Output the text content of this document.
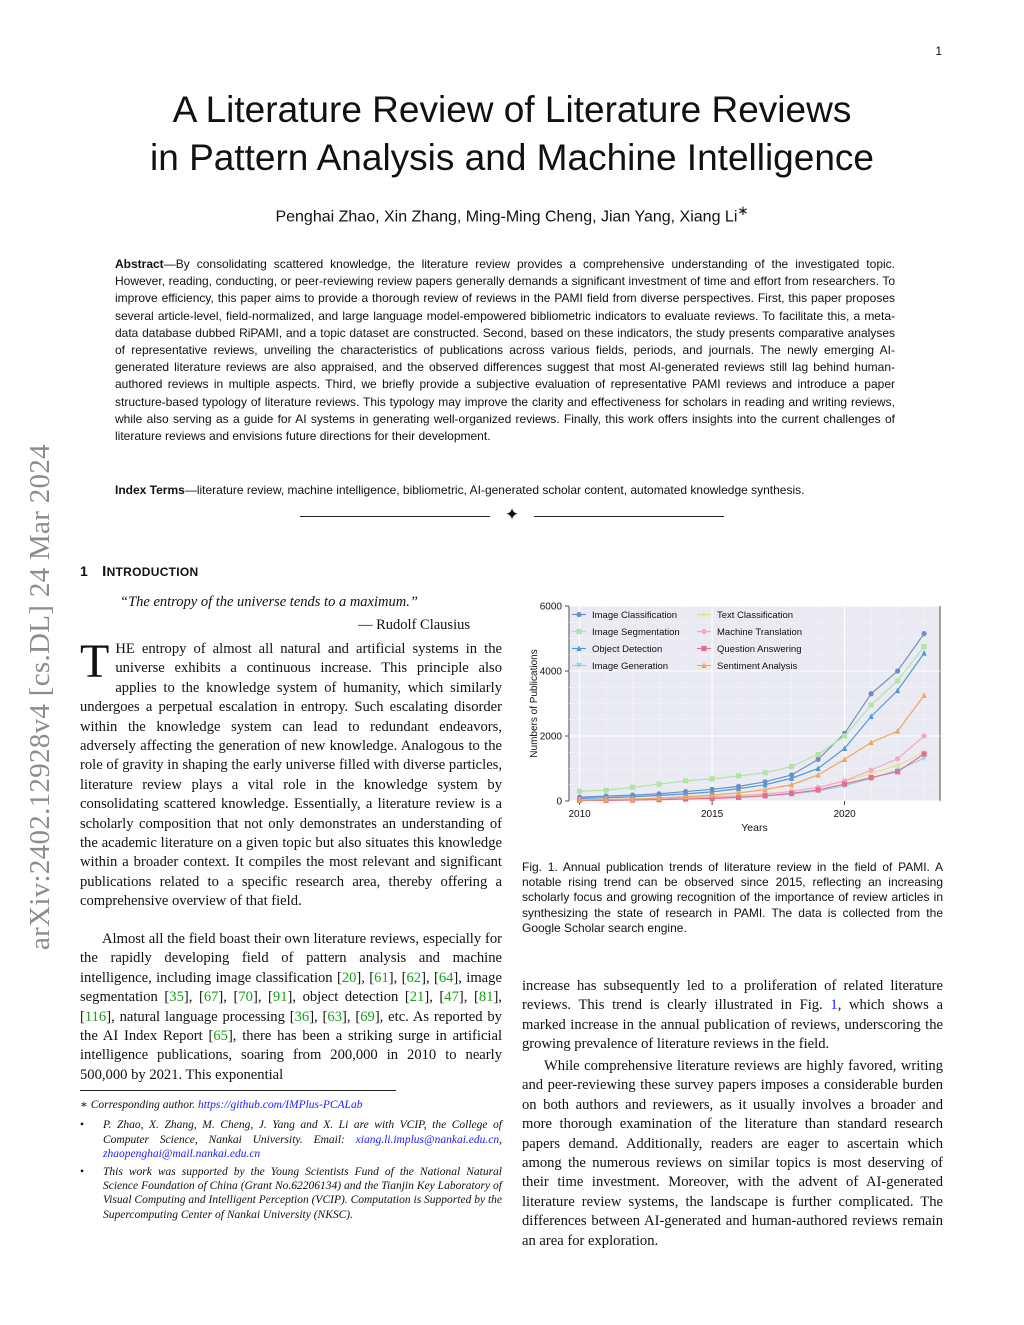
1
arXiv:2402.12928v4 [cs.DL] 24 Mar 2024
A Literature Review of Literature Reviews
in Pattern Analysis and Machine Intelligence
Penghai Zhao, Xin Zhang, Ming-Ming Cheng, Jian Yang, Xiang Li∗
Abstract—By consolidating scattered knowledge, the literature review provides a comprehensive understanding of the investigated topic. However, reading, conducting, or peer-reviewing review papers generally demands a significant investment of time and effort from researchers. To improve efficiency, this paper aims to provide a thorough review of reviews in the PAMI field from diverse perspectives. First, this paper proposes several article-level, field-normalized, and large language model-empowered bibliometric indicators to evaluate reviews. To facilitate this, a meta-data database dubbed RiPAMI, and a topic dataset are constructed. Second, based on these indicators, the study presents comparative analyses of representative reviews, unveiling the characteristics of publications across various fields, periods, and journals. The newly emerging AI-generated literature reviews are also appraised, and the observed differences suggest that most AI-generated reviews still lag behind human-authored reviews in multiple aspects. Third, we briefly provide a subjective evaluation of representative PAMI reviews and introduce a paper structure-based typology of literature reviews. This typology may improve the clarity and effectiveness for scholars in reading and writing reviews, while also serving as a guide for AI systems in generating well-organized reviews. Finally, this work offers insights into the current challenges of literature reviews and envisions future directions for their development.
Index Terms—literature review, machine intelligence, bibliometric, AI-generated scholar content, automated knowledge synthesis.
✦
1 INTRODUCTION
“The entropy of the universe tends to a maximum.”
— Rudolf Clausius

THE entropy of almost all natural and artificial systems in the universe exhibits a continuous increase. This principle also applies to the knowledge system of humanity, which similarly undergoes a perpetual escalation in entropy. Such escalating disorder within the knowledge system can lead to redundant endeavors, adversely affecting the generation of new knowledge. Analogous to the role of gravity in shaping the early universe filled with diverse particles, literature review plays a vital role in the knowledge system by consolidating scattered knowledge. Essentially, a literature review is a scholarly composition that not only demonstrates an understanding of the academic literature on a given topic but also situates this knowledge within a broader context. It compiles the most relevant and significant publications related to a specific research area, thereby offering a comprehensive overview of that field.

Almost all the field boast their own literature reviews, especially for the rapidly developing field of pattern analysis and machine intelligence, including image classification [20], [61], [62], [64], image segmentation [35], [67], [70], [91], object detection [21], [47], [81], [116], natural language processing [36], [63], [69], etc. As reported by the AI Index Report [65], there has been a striking surge in artificial intelligence publications, soaring from 200,000 in 2010 to nearly 500,000 by 2021. This exponential

∗ Corresponding author. https://github.com/IMPlus-PCALab
• P. Zhao, X. Zhang, M. Cheng, J. Yang and X. Li are with VCIP, the College of Computer Science, Nankai University. Email: xiang.li.implus@nankai.edu.cn, zhaopenghai@mail.nankai.edu.cn
• This work was supported by the Young Scientists Fund of the National Natural Science Foundation of China (Grant No.62206134) and the Tianjin Key Laboratory of Visual Computing and Intelligent Perception (VCIP). Computation is Supported by the Supercomputing Center of Nankai University (NKSC).
0
2000
4000
6000
2010	2015	2020
Years
Numbers of Publications
Image Classification
Image Segmentation
Object Detection
Image Generation
Text Classification
Machine Translation
Question Answering
Sentiment Analysis
Fig. 1. Annual publication trends of literature review in the field of PAMI. A notable rising trend can be observed since 2015, reflecting an increasing scholarly focus and growing recognition of the importance of review articles in synthesizing the state of research in PAMI. The data is collected from the Google Scholar search engine.

increase has subsequently led to a proliferation of related literature reviews. This trend is clearly illustrated in Fig. 1, which shows a marked increase in the annual publication of reviews, underscoring the growing prevalence of literature reviews in the field.

While comprehensive literature reviews are highly favored, writing and peer-reviewing these survey papers imposes a considerable burden on both authors and reviewers, as it usually involves a broader and more thorough examination of the literature than standard research papers demand. Additionally, readers are eager to ascertain which among the numerous reviews on similar topics is most deserving of their time investment. Moreover, with the advent of AI-generated literature review systems, the landscape is further complicated. The differences between AI-generated and human-authored reviews remain an area for exploration.
